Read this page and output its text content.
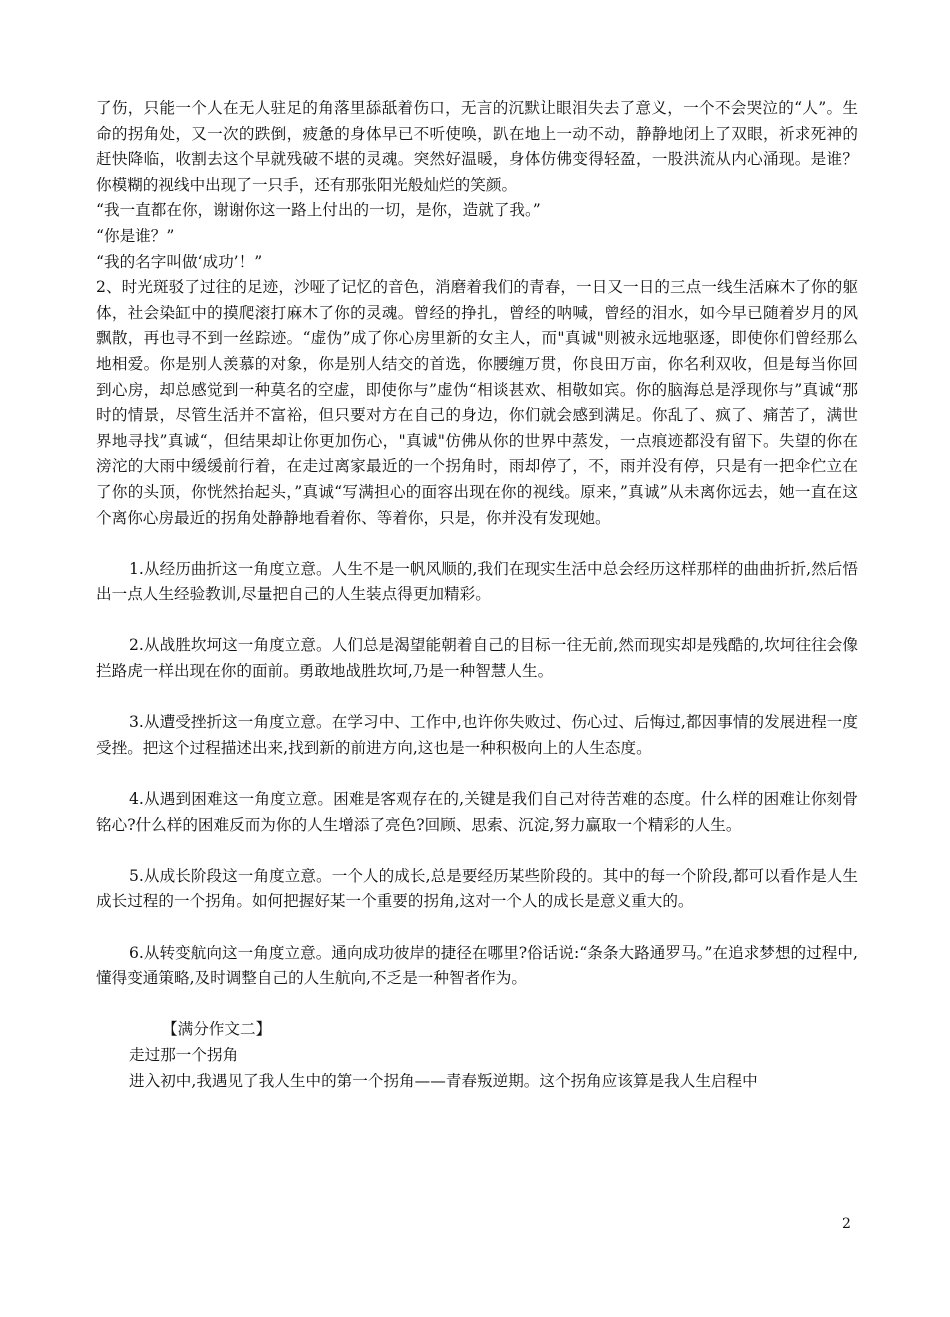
了伤，只能一个人在无人驻足的角落里舔舐着伤口，无言的沉默让眼泪失去了意义，一个不会哭泣的“人”。生命的拐角处，又一次的跌倒，疲惫的身体早已不听使唤，趴在地上一动不动，静静地闭上了双眼，祈求死神的赶快降临，收割去这个早就残破不堪的灵魂。突然好温暖，身体仿佛变得轻盈，一股洪流从内心涌现。是谁？你模糊的视线中出现了一只手，还有那张阳光般灿烂的笑颜。

“我一直都在你，谢谢你这一路上付出的一切，是你，造就了我。”

“你是谁？”

“我的名字叫做‘成功’！”

2、时光斑驳了过往的足迹，沙哑了记忆的音色，消磨着我们的青春，一日又一日的三点一线生活麻木了你的躯体，社会染缸中的摸爬滚打麻木了你的灵魂。曾经的挣扎，曾经的呐喊，曾经的泪水，如今早已随着岁月的风飘散，再也寻不到一丝踪迹。“虚伪”成了你心房里新的女主人，而"真诚"则被永远地驱逐，即使你们曾经那么地相爱。你是别人羡慕的对象，你是别人结交的首选，你腰缠万贯，你良田万亩，你名利双收，但是每当你回到心房，却总感觉到一种莫名的空虚，即使你与”虚伪“相谈甚欢、相敬如宾。你的脑海总是浮现你与”真诚“那时的情景，尽管生活并不富裕，但只要对方在自己的身边，你们就会感到满足。你乱了、疯了、痛苦了，满世界地寻找”真诚“，但结果却让你更加伤心，"真诚"仿佛从你的世界中蒸发，一点痕迹都没有留下。失望的你在滂沱的大雨中缓缓前行着，在走过离家最近的一个拐角时，雨却停了，不，雨并没有停，只是有一把伞伫立在了你的头顶，你恍然抬起头，”真诚“写满担心的面容出现在你的视线。原来，”真诚”从未离你远去，她一直在这个离你心房最近的拐角处静静地看着你、等着你，只是，你并没有发现她。

1.从经历曲折这一角度立意。人生不是一帆风顺的,我们在现实生活中总会经历这样那样的曲曲折折,然后悟出一点人生经验教训,尽量把自己的人生装点得更加精彩。

2.从战胜坎坷这一角度立意。人们总是渴望能朝着自己的目标一往无前,然而现实却是残酷的,坎坷往往会像拦路虎一样出现在你的面前。勇敢地战胜坎坷,乃是一种智慧人生。

3.从遭受挫折这一角度立意。在学习中、工作中,也许你失败过、伤心过、后悔过,都因事情的发展进程一度受挫。把这个过程描述出来,找到新的前进方向,这也是一种积极向上的人生态度。

4.从遇到困难这一角度立意。困难是客观存在的,关键是我们自己对待苦难的态度。什么样的困难让你刻骨铭心?什么样的困难反而为你的人生增添了亮色?回顾、思索、沉淀,努力赢取一个精彩的人生。

5.从成长阶段这一角度立意。一个人的成长,总是要经历某些阶段的。其中的每一个阶段,都可以看作是人生成长过程的一个拐角。如何把握好某一个重要的拐角,这对一个人的成长是意义重大的。

6.从转变航向这一角度立意。通向成功彼岸的捷径在哪里?俗话说:“条条大路通罗马。”在追求梦想的过程中,懂得变通策略,及时调整自己的人生航向,不乏是一种智者作为。

【满分作文二】

走过那一个拐角

进入初中,我遇见了我人生中的第一个拐角——青春叛逆期。这个拐角应该算是我人生启程中

2
